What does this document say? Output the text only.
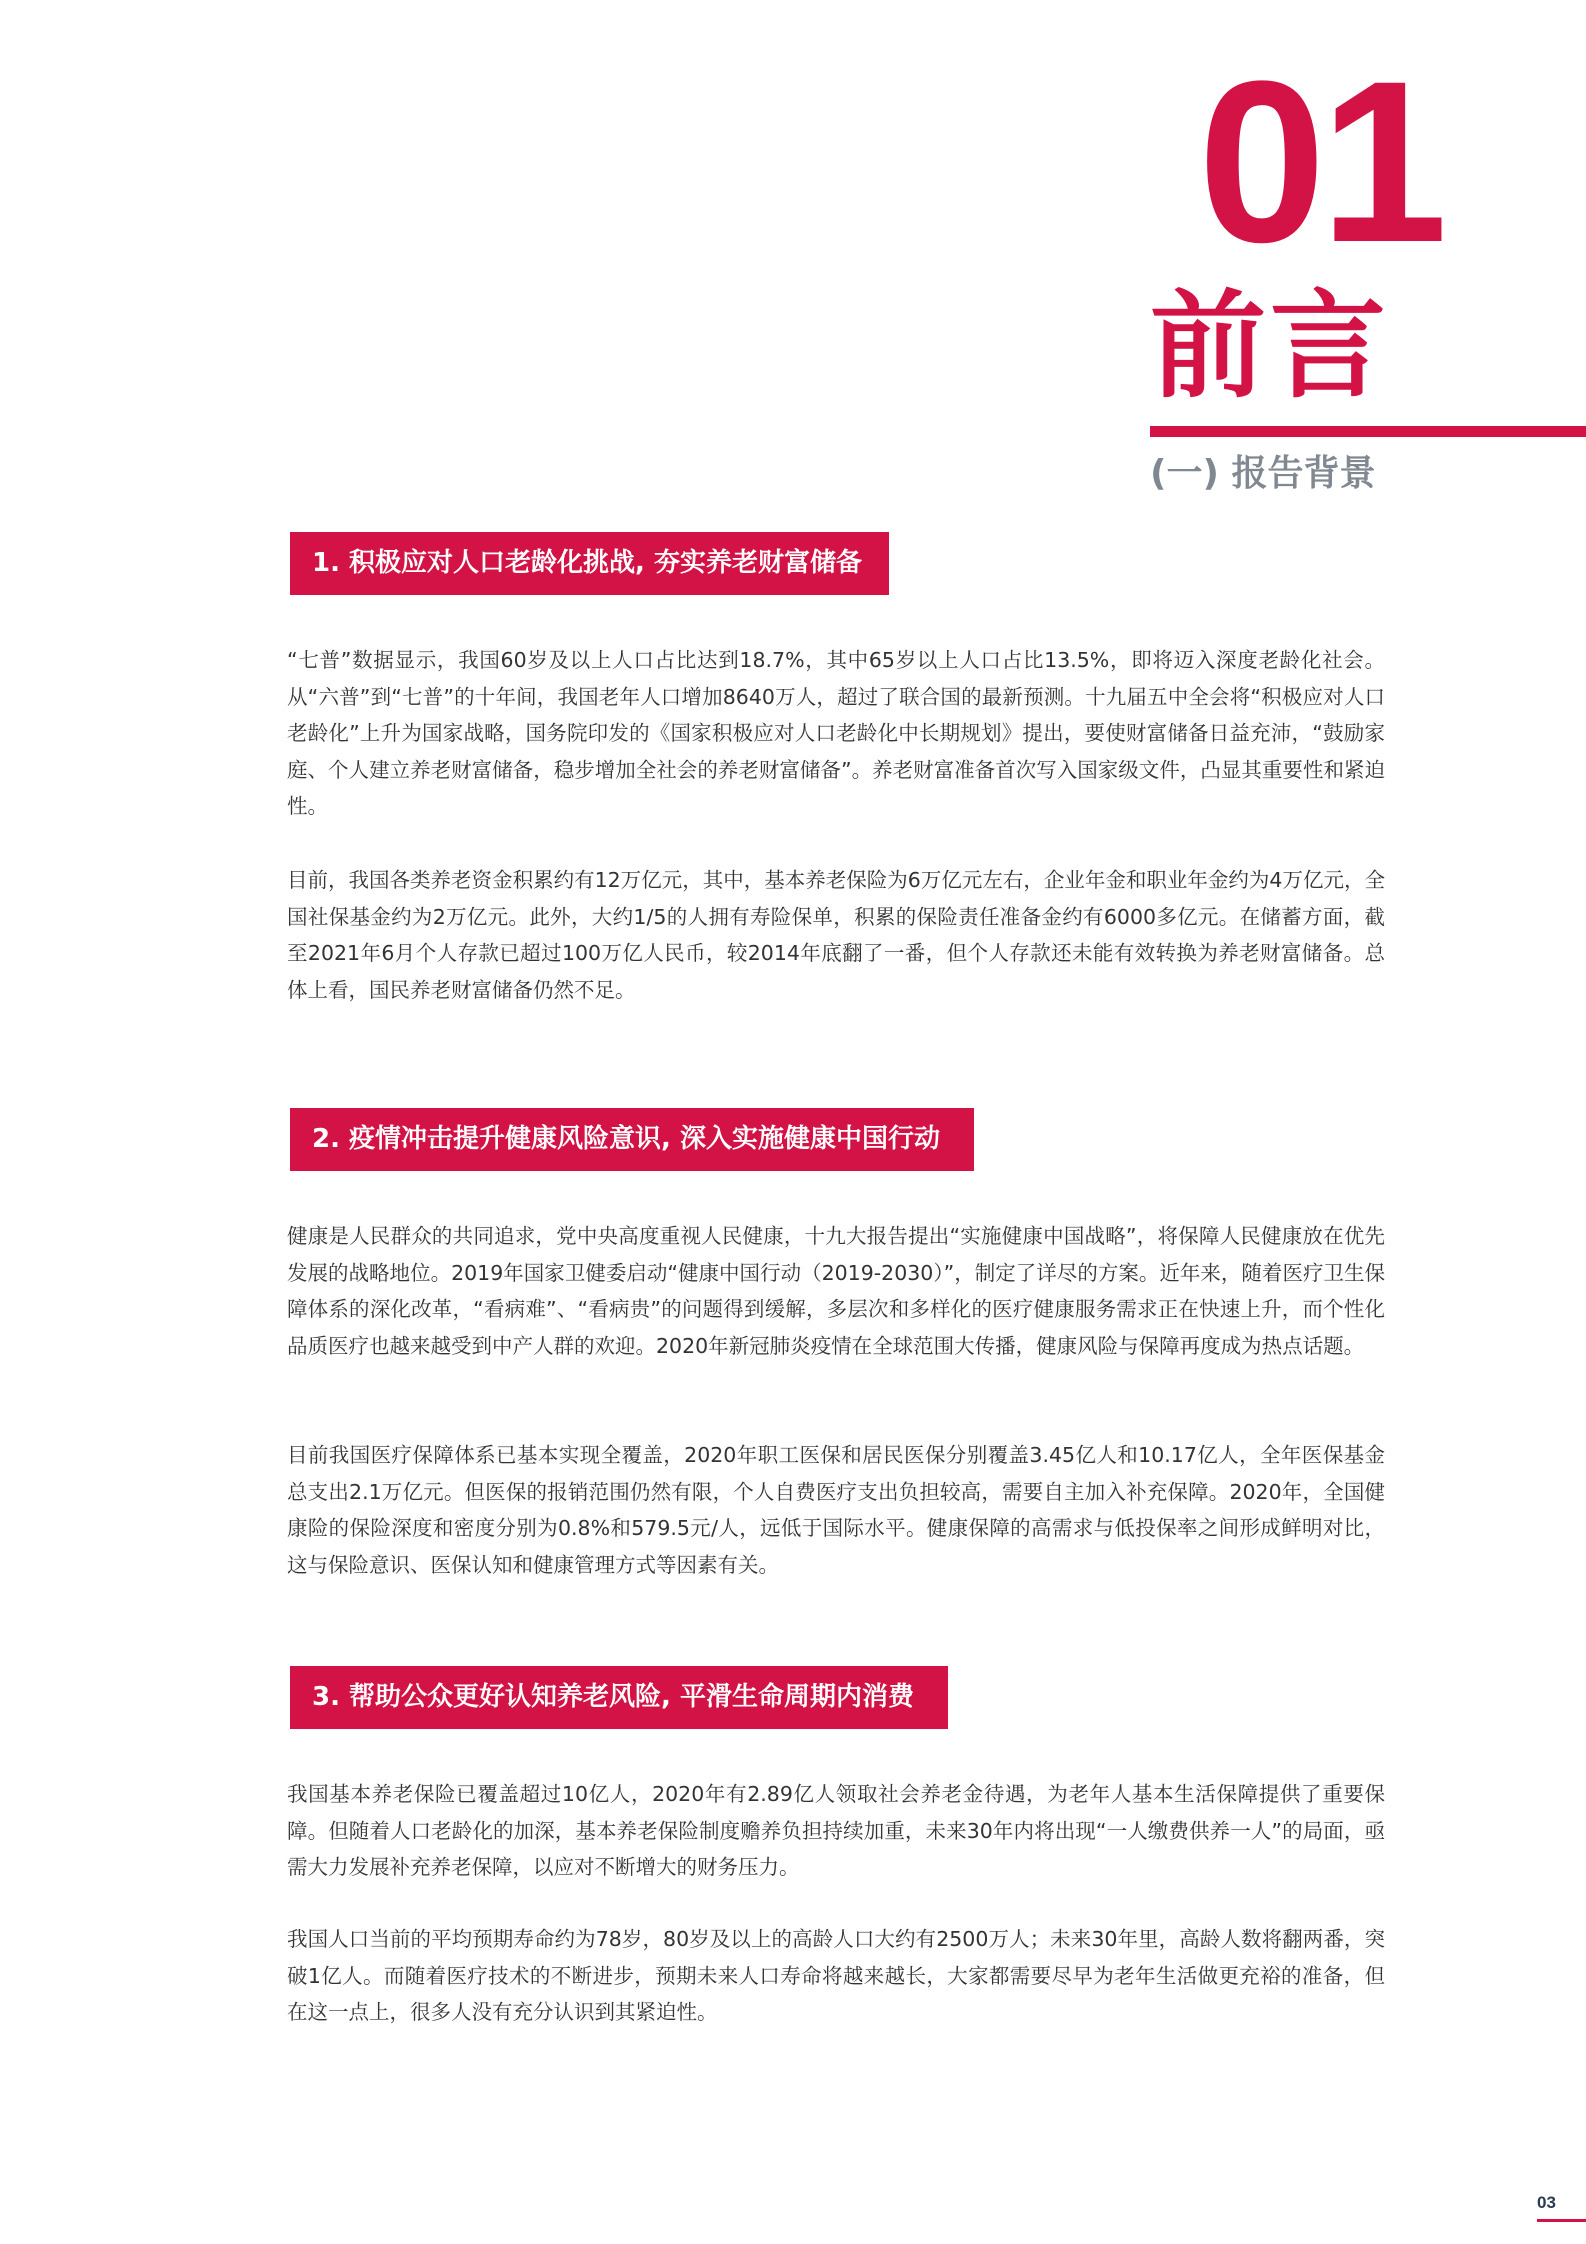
01
前言
(一) 报告背景
1. 积极应对人口老龄化挑战, 夯实养老财富储备

“七普”数据显示，我国60岁及以上人口占比达到18.7%，其中65岁以上人口占比13.5%，即将迈入深度老龄化社会。从“六普”到“七普”的十年间，我国老年人口增加8640万人，超过了联合国的最新预测。十九届五中全会将“积极应对人口老龄化”上升为国家战略，国务院印发的《国家积极应对人口老龄化中长期规划》提出，要使财富储备日益充沛，“鼓励家庭、个人建立养老财富储备，稳步增加全社会的养老财富储备”。养老财富准备首次写入国家级文件，凸显其重要性和紧迫性。

目前，我国各类养老资金积累约有12万亿元，其中，基本养老保险为6万亿元左右，企业年金和职业年金约为4万亿元，全国社保基金约为2万亿元。此外，大约1/5的人拥有寿险保单，积累的保险责任准备金约有6000多亿元。在储蓄方面，截至2021年6月个人存款已超过100万亿人民币，较2014年底翻了一番，但个人存款还未能有效转换为养老财富储备。总体上看，国民养老财富储备仍然不足。

2. 疫情冲击提升健康风险意识, 深入实施健康中国行动

健康是人民群众的共同追求，党中央高度重视人民健康，十九大报告提出“实施健康中国战略”，将保障人民健康放在优先发展的战略地位。2019年国家卫健委启动“健康中国行动（2019-2030）”，制定了详尽的方案。近年来，随着医疗卫生保障体系的深化改革，“看病难”、“看病贵”的问题得到缓解，多层次和多样化的医疗健康服务需求正在快速上升，而个性化品质医疗也越来越受到中产人群的欢迎。2020年新冠肺炎疫情在全球范围大传播，健康风险与保障再度成为热点话题。

目前我国医疗保障体系已基本实现全覆盖，2020年职工医保和居民医保分别覆盖3.45亿人和10.17亿人，全年医保基金总支出2.1万亿元。但医保的报销范围仍然有限，个人自费医疗支出负担较高，需要自主加入补充保障。2020年，全国健康险的保险深度和密度分别为0.8%和579.5元/人，远低于国际水平。健康保障的高需求与低投保率之间形成鲜明对比，这与保险意识、医保认知和健康管理方式等因素有关。

3. 帮助公众更好认知养老风险, 平滑生命周期内消费

我国基本养老保险已覆盖超过10亿人，2020年有2.89亿人领取社会养老金待遇，为老年人基本生活保障提供了重要保障。但随着人口老龄化的加深，基本养老保险制度赡养负担持续加重，未来30年内将出现“一人缴费供养一人”的局面，亟需大力发展补充养老保障，以应对不断增大的财务压力。

我国人口当前的平均预期寿命约为78岁，80岁及以上的高龄人口大约有2500万人；未来30年里，高龄人数将翻两番，突破1亿人。而随着医疗技术的不断进步，预期未来人口寿命将越来越长，大家都需要尽早为老年生活做更充裕的准备，但在这一点上，很多人没有充分认识到其紧迫性。

03
